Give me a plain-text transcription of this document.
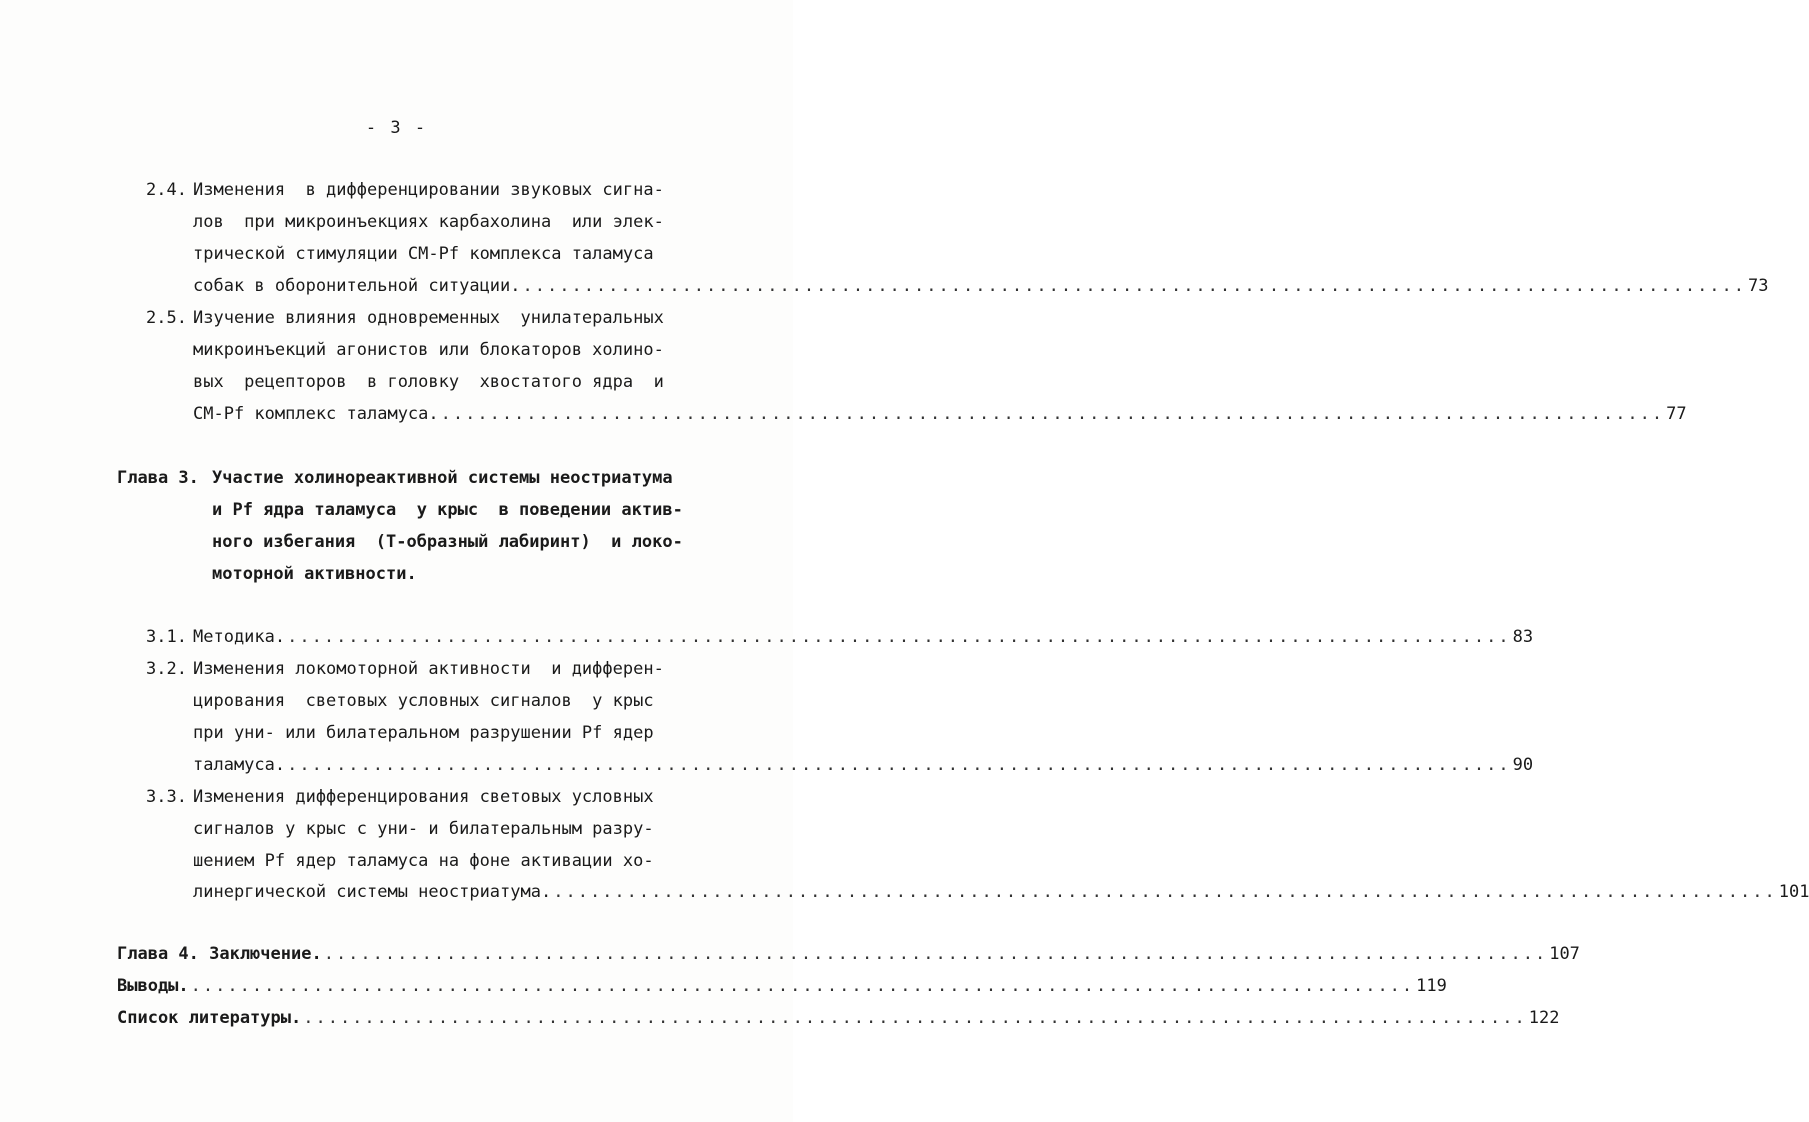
- 3 -
2.4. Изменения  в дифференцировании звуковых сигна-
лов  при микроинъекциях карбахолина  или элек-
трической стимуляции СМ-Pf комплекса таламуса
собак в оборонительной ситуации. .................................................................................................... 73
2.5. Изучение влияния одновременных  унилатеральных
микроинъекций агонистов или блокаторов холино-
вых  рецепторов  в головку  хвостатого ядра  и
СМ-Pf комплекс таламуса. .................................................................................................... 77
Глава 3. Участие холинореактивной системы неостриатума
и Pf ядра таламуса  у крыс  в поведении актив-
ного избегания  (Т-образный лабиринт)  и локо-
моторной активности.
3.1. Методика. .................................................................................................... 83
3.2. Изменения локомоторной активности  и дифферен-
цирования  световых условных сигналов  у крыс
при уни- или билатеральном разрушении Pf ядер
таламуса. .................................................................................................... 90
3.3. Изменения дифференцирования световых условных
сигналов у крыс с уни- и билатеральным разру-
шением Pf ядер таламуса на фоне активации хо-
линергической системы неостриатума. .................................................................................................... 101
Глава 4. Заключение. .................................................................................................... 107
Выводы. .................................................................................................... 119
Список литературы. .................................................................................................... 122
